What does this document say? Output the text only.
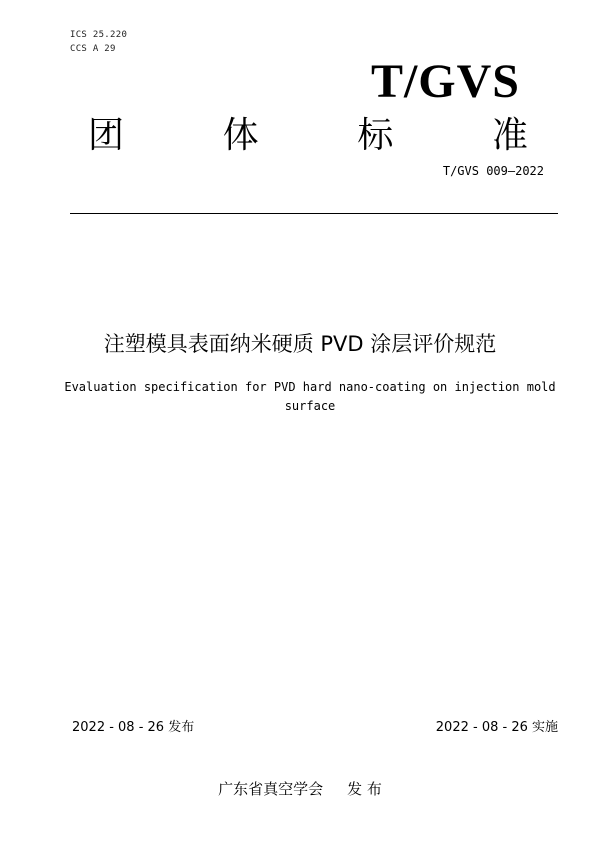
ICS 25.220
CCS A 29
T/GVS
团	体	标	准
T/GVS 009—2022
注塑模具表面纳米硬质 PVD 涂层评价规范
Evaluation specification for PVD hard nano-coating on injection mold
surface
2022 - 08 - 26 发布	2022 - 08 - 26 实施
广东省真空学会 发 布
